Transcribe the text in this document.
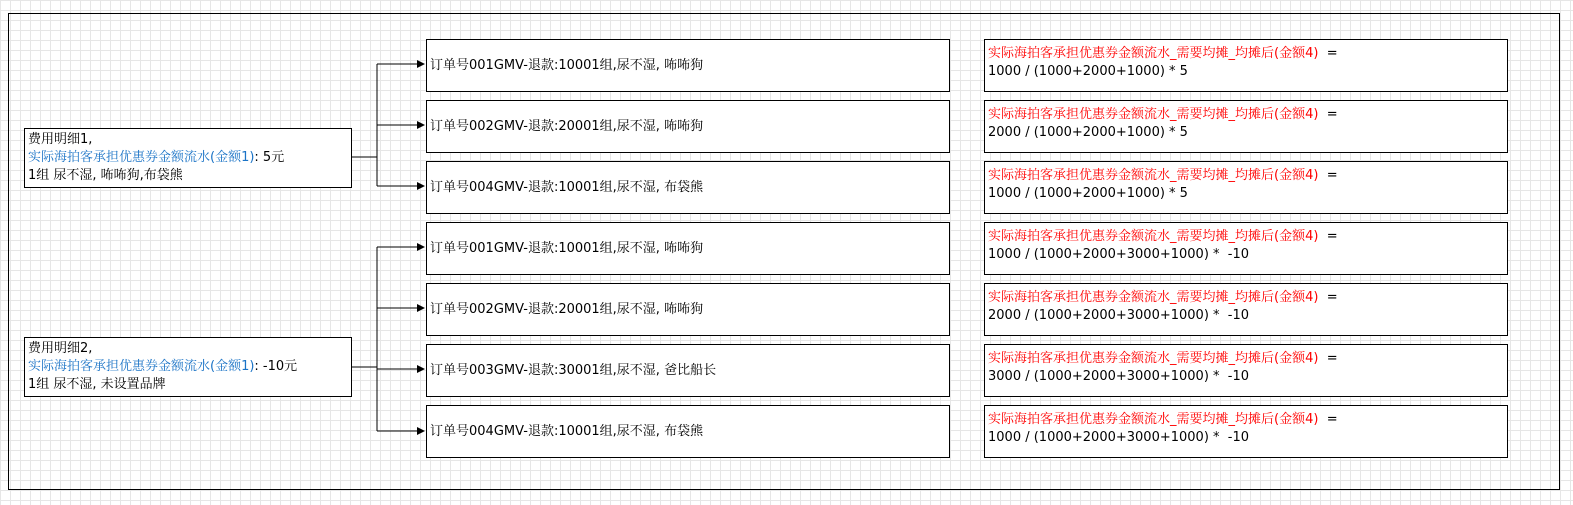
费用明细1,
实际海拍客承担优惠券金额流水(金额1): 5元
1组 尿不湿, 咘咘狗,布袋熊
费用明细2,
实际海拍客承担优惠券金额流水(金额1): -10元
1组 尿不湿, 未设置品牌
订单号001 GMV-退款:1000 1组,尿不湿, 咘咘狗
订单号002 GMV-退款:2000 1组,尿不湿, 咘咘狗
订单号004 GMV-退款:1000 1组,尿不湿, 布袋熊
订单号001 GMV-退款:1000 1组,尿不湿, 咘咘狗
订单号002 GMV-退款:2000 1组,尿不湿, 咘咘狗
订单号003 GMV-退款:3000 1组,尿不湿, 爸比船长
订单号004 GMV-退款:1000 1组,尿不湿, 布袋熊
实际海拍客承担优惠券金额流水_需要均摊_均摊后(金额4) =
1000 / (1000+2000+1000) * 5
实际海拍客承担优惠券金额流水_需要均摊_均摊后(金额4) =
2000 / (1000+2000+1000) * 5
实际海拍客承担优惠券金额流水_需要均摊_均摊后(金额4) =
1000 / (1000+2000+1000) * 5
实际海拍客承担优惠券金额流水_需要均摊_均摊后(金额4) =
1000 / (1000+2000+3000+1000) *  -10
实际海拍客承担优惠券金额流水_需要均摊_均摊后(金额4) =
2000 / (1000+2000+3000+1000) *  -10
实际海拍客承担优惠券金额流水_需要均摊_均摊后(金额4) =
3000 / (1000+2000+3000+1000) *  -10
实际海拍客承担优惠券金额流水_需要均摊_均摊后(金额4) =
1000 / (1000+2000+3000+1000) *  -10
